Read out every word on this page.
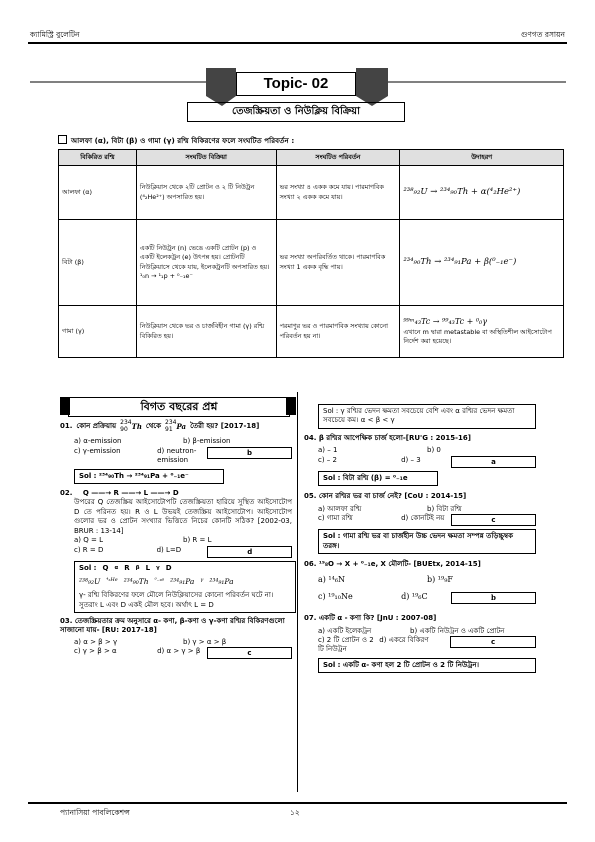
ক্যামিস্ট্রি বুলেটিন	গুণগত রসায়ন
Topic- 02
তেজস্ক্রিয়তা ও নিউক্লিয় বিক্রিয়া
আলফা (α), বিটা (β) ও গামা (γ) রশ্মি বিকিরণের ফলে সংঘটিত পরিবর্তন :
বিকিরিত রশ্মি	সংঘটিত বিক্রিয়া	সংঘটিত পরিবর্তন	উদাহরণ
আলফা (α)	নিউক্লিয়াস থেকে ২টি প্রোটন ও ২ টি নিউট্রন (⁴₂He²⁺) অপসারিত হয়।	ভর সংখ্যা ৪ একক কমে যায়। পারমাণবিক সংখ্যা ২ একক কমে যায়।	²³⁸₉₂U → ²³⁴₉₀Th + α(⁴₂He²⁺)
বিটা (β)	একটি নিউট্রন (n) ভেঙে একটি প্রোটন (p) ও একটি ইলেকট্রন (e) উৎপন্ন হয়। প্রোটনটি নিউক্লিয়াসে থেকে যায়, ইলেকট্রনটি অপসারিত হয়। ¹₀n → ¹₁p + ⁰₋₁e⁻	ভর সংখ্যা অপরিবর্তিত থাকে। পারমাণবিক সংখ্যা 1 একক বৃদ্ধি পায়।	²³⁴₉₀Th → ²³⁴₉₁Pa + β(⁰₋₁e⁻)
গামা (γ)	নিউক্লিয়াস থেকে ভর ও চার্জবিহীন গামা (γ) রশ্মি বিকিরিত হয়।	পরমাণুর ভর ও পারমাণবিক সংখ্যায় কোনো পরিবর্তন হয় না।	⁹⁹ᵐ₄₃Tc → ⁹⁹₄₃Tc + ⁰₀γ
এখানে m দ্বারা metastable বা অস্থিতিশীল আইসোটোপ নির্দেশ করা হয়েছে।
বিগত বছরের প্রশ্ন
01. কোন প্রক্রিয়ায় 234
90 Th থেকে 234
91 Pa তৈরী হয়? [2017-18]
a) α-emission	b) β-emission
c) γ-emission	d) neutron-emission
b
Sol : ²³⁴₉₀Th → ²³⁴₉₁Pa + ⁰₋₁e⁻
02. Q ——→ R ——→ L ——→ D
উপরের Q তেজস্ক্রিয় আইসোটোপটি তেজস্ক্রিয়তা হারিয়ে সুস্থিত আইসোটোপ D তে পরিনত হয়। R ও L উভয়ই তেজস্ক্রিয় আইসোটোপ। আইসোটোপ গুলোর ভর ও প্রোটন সংখ্যার ভিত্তিতে নিচের কোনটি সঠিক? [2002-03, BRUR : 13-14]
a) Q = L	b) R = L
c) R = D	d) L=D	d
Sol : Q α R β L γ D
²³⁸₉₂U ⁴₂He ²³⁴₉₀Th ⁰₋₁e ²³⁴₉₁Pa γ ²³⁴₉₁Pa
γ- রশ্মি বিকিরণের ফলে মৌলে নিউক্লিয়াসের কোনো পরিবর্তন ঘটে না। সুতরাং L এবং D একই মৌল হবে। অর্থাৎ L = D
03. তেজস্ক্রিয়তার ক্রম অনুসারে α- কণা, β-কণা ও γ-কণা রশ্মির বিকিরণগুলো সাজানো যায়- [RU: 2017-18]
a) α > β > γ	b) γ > α > β
c) γ > β > α	d) α > γ > β	c
Sol : γ রশ্মির ভেদন ক্ষমতা সবচেয়ে বেশি এবং α রশ্মির ভেদন ক্ষমতা সবচেয়ে কম। α < β < γ
04. β রশ্মির আপেক্ষিক চার্জ হলো-[RU'G : 2015-16]
a) – 1	b) 0
c) – 2	d) – 3	a
Sol : বিটা রশ্মি (β) = ⁰₋₁e
05. কোন রশ্মির ভর বা চার্জ নেই? [CoU : 2014-15]
a) আলফা রশ্মি	b) বিটা রশ্মি
c) গামা রশ্মি	d) কোনটিই নয়	c
Sol : গামা রশ্মি ভর বা চার্জহীন উচ্চ ভেদন ক্ষমতা সম্পন্ন তড়িচ্চুম্বক তরঙ্গ।
06. ¹⁹₈O → X + ⁰₋₁e, X মৌলটি- [BUEtx, 2014-15]
a) ¹⁴₆N	b) ¹⁹₉F
c) ¹⁹₁₀Ne	d) ¹⁹₆C	b
07. একটি α - কণা কি? [JnU : 2007-08]
a) একটি ইলেকট্রন	b) একটি নিউট্রন ও একটি প্রোটন
c) 2 টি প্রোটন ও 2 টি নিউট্রন
d) একরে বিকিরণ	c
Sol : একটি α- কণা হল 2 টি প্রোটন ও 2 টি নিউট্রন।
প্যানাসিয়া পাবলিকেশন্স	১২
